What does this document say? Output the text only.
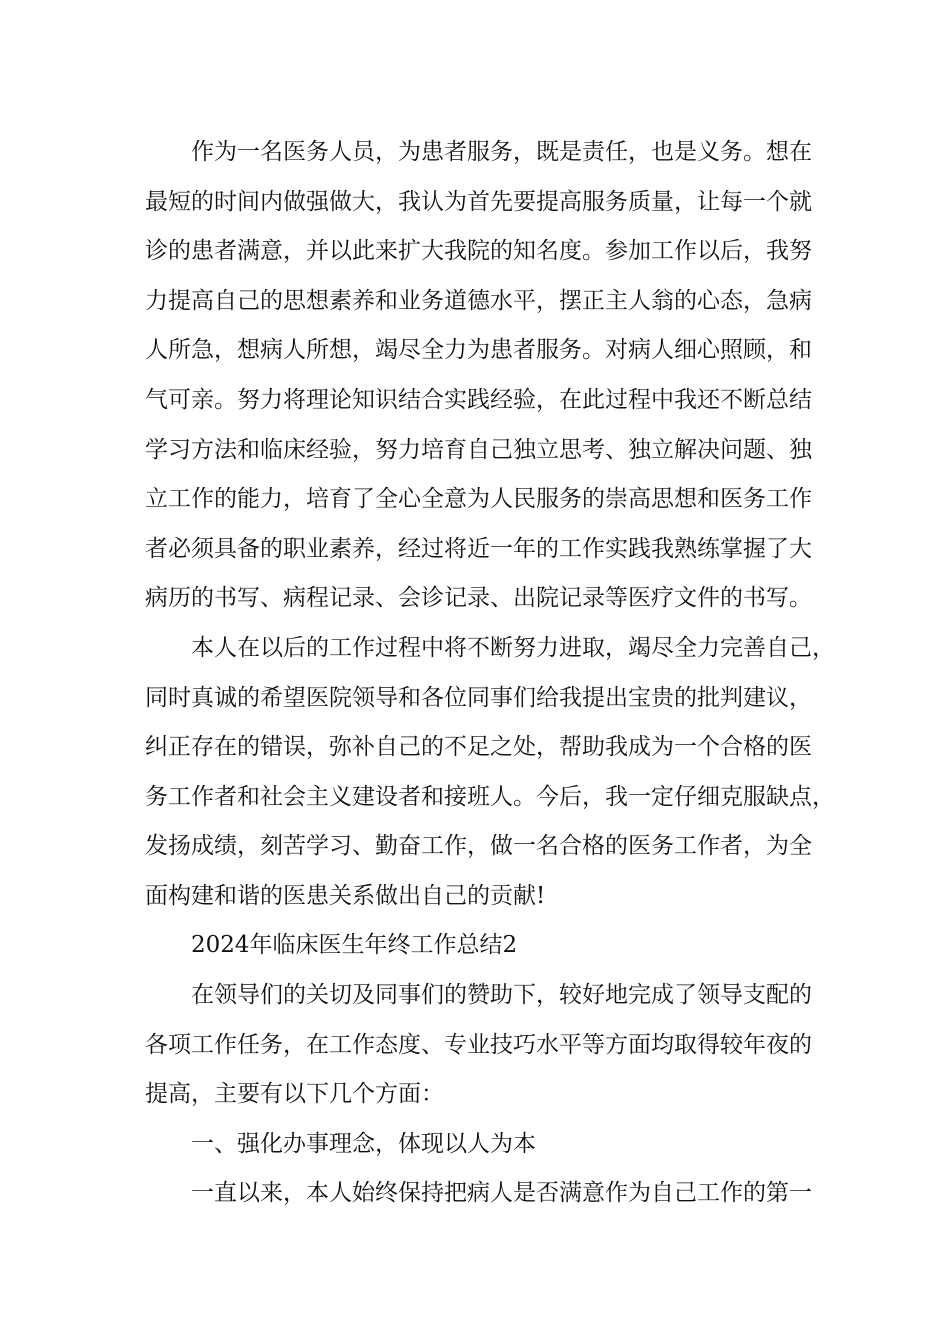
作为一名医务人员，为患者服务，既是责任，也是义务。想在
最短的时间内做强做大，我认为首先要提高服务质量，让每一个就
诊的患者满意，并以此来扩大我院的知名度。参加工作以后，我努
力提高自己的思想素养和业务道德水平，摆正主人翁的心态，急病
人所急，想病人所想，竭尽全力为患者服务。对病人细心照顾，和
气可亲。努力将理论知识结合实践经验，在此过程中我还不断总结
学习方法和临床经验，努力培育自己独立思考、独立解决问题、独
立工作的能力，培育了全心全意为人民服务的崇高思想和医务工作
者必须具备的职业素养，经过将近一年的工作实践我熟练掌握了大
病历的书写、病程记录、会诊记录、出院记录等医疗文件的书写。
本人在以后的工作过程中将不断努力进取，竭尽全力完善自己，
同时真诚的希望医院领导和各位同事们给我提出宝贵的批判建议，
纠正存在的错误，弥补自己的不足之处，帮助我成为一个合格的医
务工作者和社会主义建设者和接班人。今后，我一定仔细克服缺点，
发扬成绩，刻苦学习、勤奋工作，做一名合格的医务工作者，为全
面构建和谐的医患关系做出自己的贡献!
2024年临床医生年终工作总结2
在领导们的关切及同事们的赞助下，较好地完成了领导支配的
各项工作任务，在工作态度、专业技巧水平等方面均取得较年夜的
提高，主要有以下几个方面：
一、强化办事理念，体现以人为本
一直以来，本人始终保持把病人是否满意作为自己工作的第一
